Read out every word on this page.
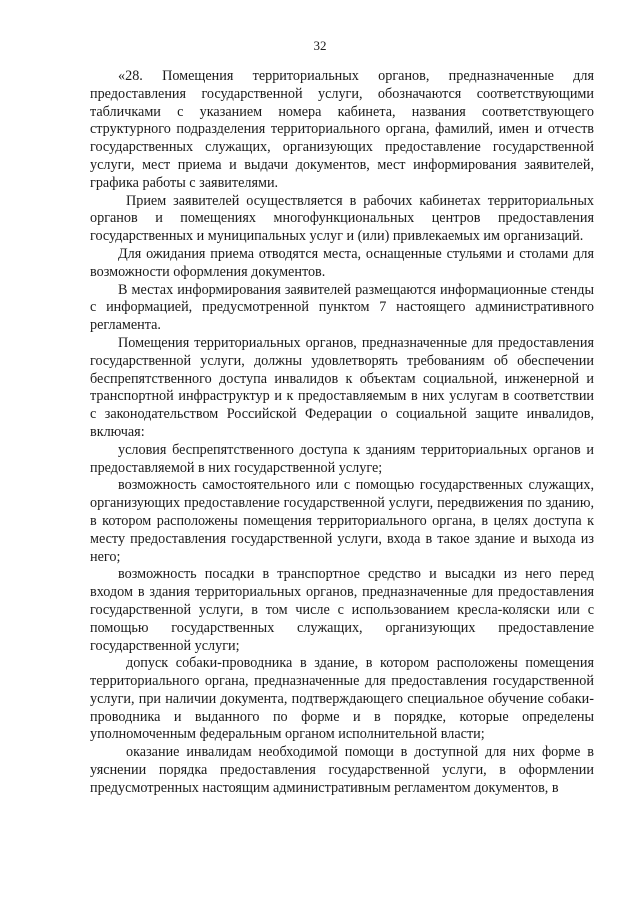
32

«28. Помещения территориальных органов, предназначенные для предоставления государственной услуги, обозначаются соответствующими табличками с указанием номера кабинета, названия соответствующего структурного подразделения территориального органа, фамилий, имен и отчеств государственных служащих, организующих предоставление государственной услуги, мест приема и выдачи документов, мест информирования заявителей, графика работы с заявителями.

Прием заявителей осуществляется в рабочих кабинетах территориальных органов и помещениях многофункциональных центров предоставления государственных и муниципальных услуг и (или) привлекаемых им организаций.

Для ожидания приема отводятся места, оснащенные стульями и столами для возможности оформления документов.

В местах информирования заявителей размещаются информационные стенды с информацией, предусмотренной пунктом 7 настоящего административного регламента.

Помещения территориальных органов, предназначенные для предоставления государственной услуги, должны удовлетворять требованиям об обеспечении беспрепятственного доступа инвалидов к объектам социальной, инженерной и транспортной инфраструктур и к предоставляемым в них услугам в соответствии с законодательством Российской Федерации о социальной защите инвалидов, включая:

условия беспрепятственного доступа к зданиям территориальных органов и предоставляемой в них государственной услуге;

возможность самостоятельного или с помощью государственных служащих, организующих предоставление государственной услуги, передвижения по зданию, в котором расположены помещения территориального органа, в целях доступа к месту предоставления государственной услуги, входа в такое здание и выхода из него;

возможность посадки в транспортное средство и высадки из него перед входом в здания территориальных органов, предназначенные для предоставления государственной услуги, в том числе с использованием кресла-коляски или с помощью государственных служащих, организующих предоставление государственной услуги;

допуск собаки-проводника в здание, в котором расположены помещения территориального органа, предназначенные для предоставления государственной услуги, при наличии документа, подтверждающего специальное обучение собаки-проводника и выданного по форме и в порядке, которые определены уполномоченным федеральным органом исполнительной власти;

оказание инвалидам необходимой помощи в доступной для них форме в уяснении порядка предоставления государственной услуги, в оформлении предусмотренных настоящим административным регламентом документов, в
